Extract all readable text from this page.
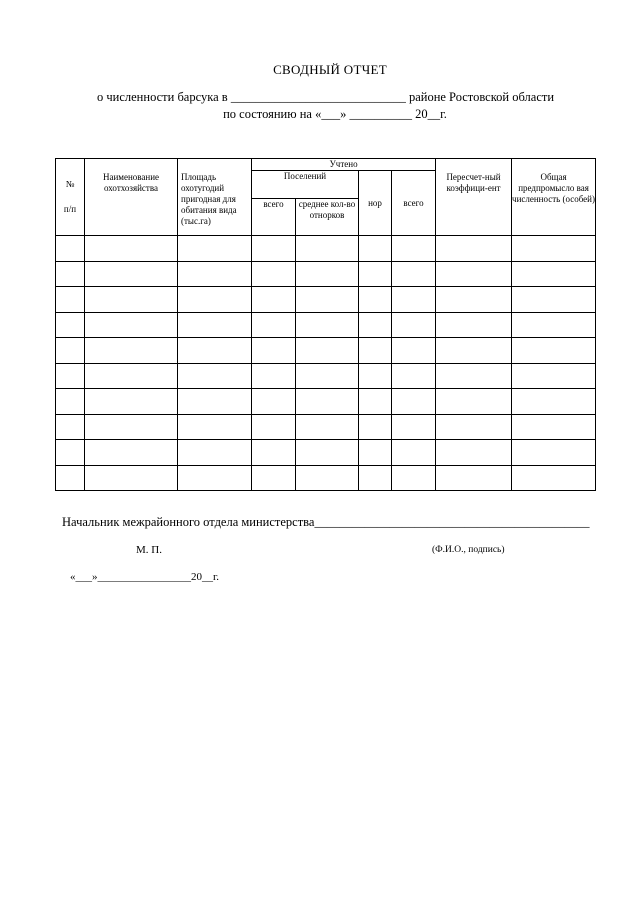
СВОДНЫЙ ОТЧЕТ
о численности барсука в ____________________________ районе Ростовской области
по состоянию на «___» __________ 20__г.
№
п/п	Наименование охотхозяйства	Площадь охотугодий пригодная для обитания вида (тыс.га)	Учтено				Пересчет-ный коэффици-ент	Общая предпромысло вая численность (особей)
			Поселений		нор	всего		
			всего	среднее кол-во отнорков				

Начальник межрайонного отдела министерства____________________________________________
М. П.	(Ф.И.О., подпись)
«___»_________________20__г.
